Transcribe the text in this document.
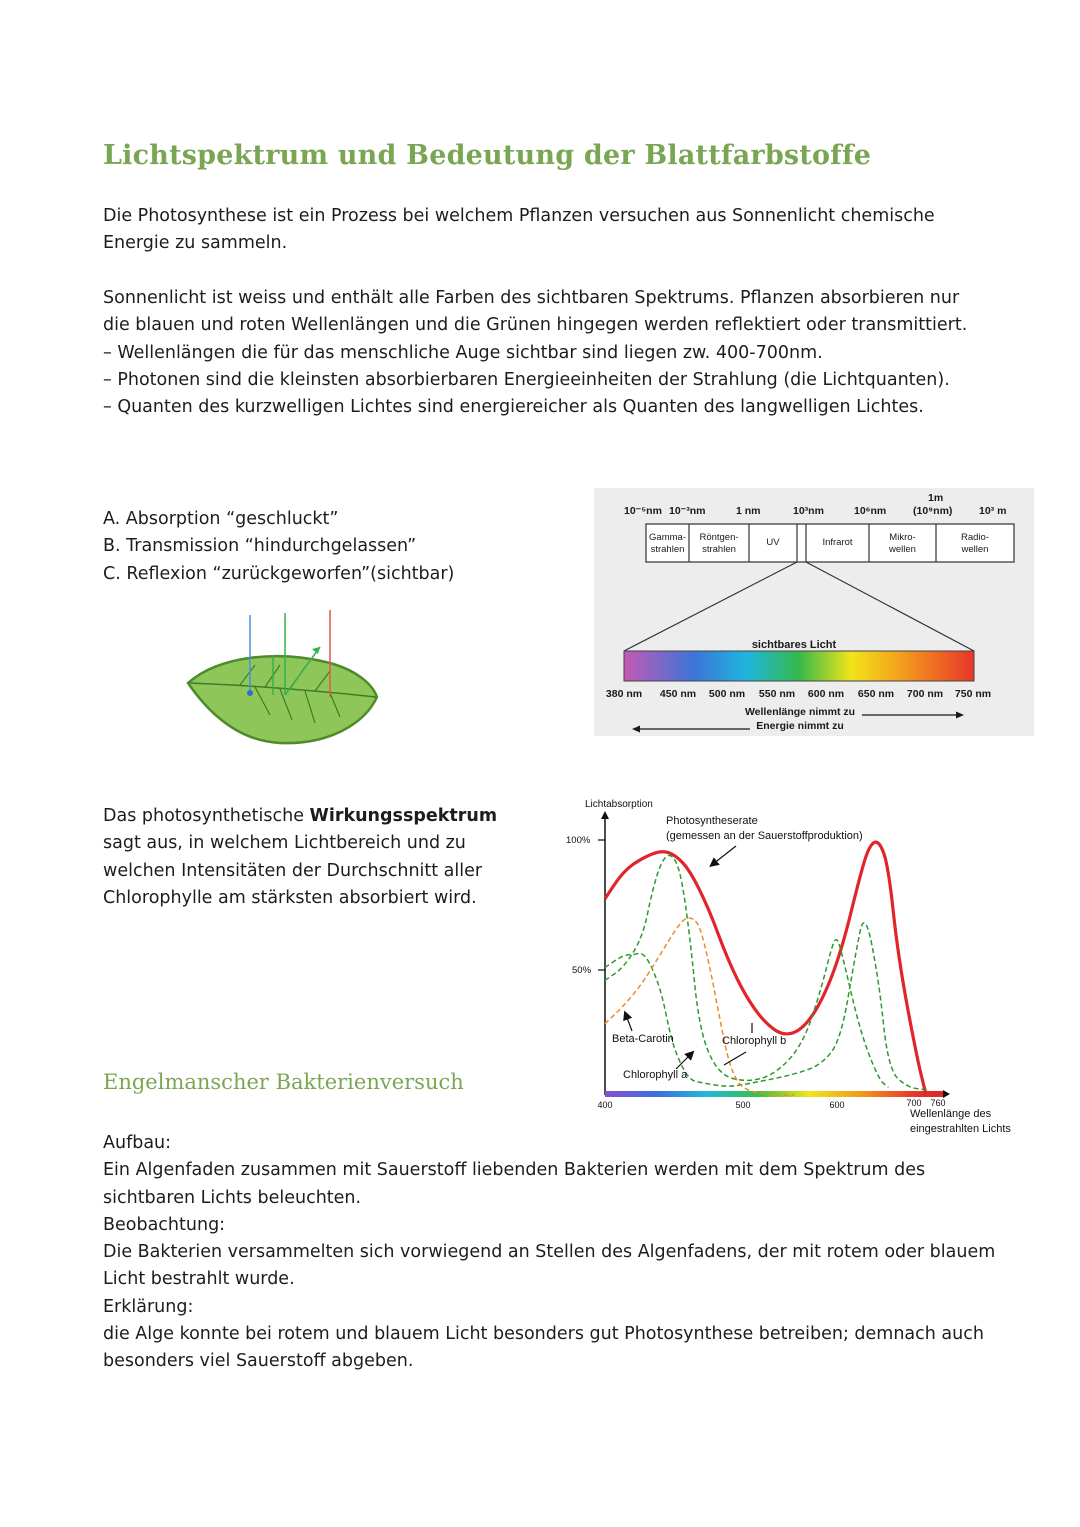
Lichtspektrum und Bedeutung der Blattfarbstoffe

Die Photosynthese ist ein Prozess bei welchem Pflanzen versuchen aus Sonnenlicht chemische Energie zu sammeln.

Sonnenlicht ist weiss und enthält alle Farben des sichtbaren Spektrums. Pflanzen absorbieren nur die blauen und roten Wellenlängen und die Grünen hingegen werden reflektiert oder transmittiert.

– Wellenlängen die für das menschliche Auge sichtbar sind liegen zw. 400-700nm.

– Photonen sind die kleinsten absorbierbaren Energieeinheiten der Strahlung (die Lichtquanten).

– Quanten des kurzwelligen Lichtes sind energiereicher als Quanten des langwelligen Lichtes.

A. Absorption “geschluckt”
B. Transmission “hindurchgelassen”
C. Reflexion “zurückgeworfen”(sichtbar)
10⁻⁵nm 10⁻³nm	1 nm	10³nm	10⁶nm
1m
(10⁹nm)	10³ m
Gamma-
strahlen
Röntgen-
strahlen
UV	Infrarot	Mikro-
wellen
Radio-
wellen
sichtbares Licht
380 nm 450 nm 500 nm 550 nm 600 nm 650 nm 700 nm 750 nm
Wellenlänge nimmt zu
Energie nimmt zu
Das photosynthetische Wirkungsspektrum sagt aus, in welchem Lichtbereich und zu welchen Intensitäten der Durchschnitt aller Chlorophylle am stärksten absorbiert wird.
100%
50%
Lichtabsorption
400	500	600	700 760
Wellenlänge des eingestrahlten Lichts
Photosyntheserate
(gemessen an der Sauerstoffproduktion)
Beta-Carotin	Chlorophyll b
Chlorophyll a
Engelmanscher Bakterienversuch

Aufbau:

Ein Algenfaden zusammen mit Sauerstoff liebenden Bakterien werden mit dem Spektrum des sichtbaren Lichts beleuchten.

Beobachtung:

Die Bakterien versammelten sich vorwiegend an Stellen des Algenfadens, der mit rotem oder blauem Licht bestrahlt wurde.

Erklärung:

die Alge konnte bei rotem und blauem Licht besonders gut Photosynthese betreiben; demnach auch besonders viel Sauerstoff abgeben.
